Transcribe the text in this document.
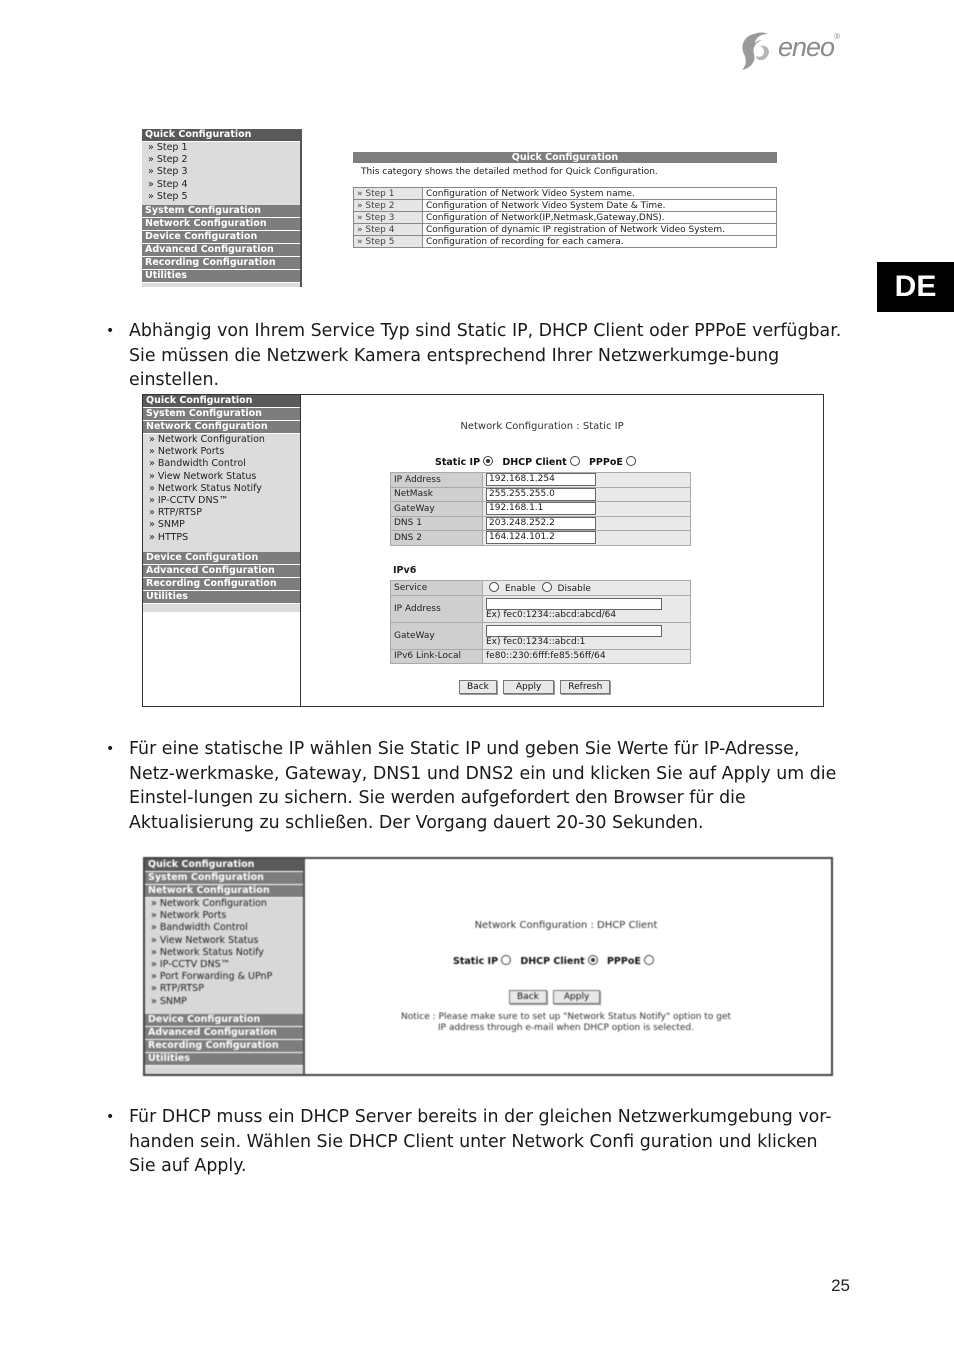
eneo®
DE
Quick Configuration
» Step 1
» Step 2
» Step 3
» Step 4
» Step 5
System Configuration
Network Configuration
Device Configuration
Advanced Configuration
Recording Configuration
Utilities
Quick Configuration
This category shows the detailed method for Quick Configuration.
» Step 1	Configuration of Network Video System name.
» Step 2	Configuration of Network Video System Date & Time.
» Step 3	Configuration of Network(IP,Netmask,Gateway,DNS).
» Step 4	Configuration of dynamic IP registration of Network Video System.
» Step 5	Configuration of recording for each camera.
• Abhängig von Ihrem Service Typ sind Static IP, DHCP Client oder PPPoE verfügbar. Sie müssen die Netzwerk Kamera entsprechend Ihrer Netzwerkumge-bung einstellen.
Quick Configuration
System Configuration
Network Configuration
» Network Configuration
» Network Ports
» Bandwidth Control
» View Network Status
» Network Status Notify
» IP-CCTV DNS™
» RTP/RTSP
» SNMP
» HTTPS
Device Configuration
Advanced Configuration
Recording Configuration
Utilities
Network Configuration : Static IP
Static IP DHCP Client PPPoE
IP Address	192.168.1.254

NetMask	255.255.255.0

GateWay	192.168.1.1

DNS 1	203.248.252.2

DNS 2	164.124.101.2
IPv6
Service	Enable Disable
IP Address	Ex) fec0:1234::abcd:abcd/64

GateWay	Ex) fec0:1234::abcd:1

IPv6 Link-Local	fe80::230:6fff:fe85:56ff/64
Back	Apply	Refresh
• Für eine statische IP wählen Sie Static IP und geben Sie Werte für IP-Adresse, Netz-werkmaske, Gateway, DNS1 und DNS2 ein und klicken Sie auf Apply um die Einstel-lungen zu sichern. Sie werden aufgefordert den Browser für die Aktualisierung zu schließen. Der Vorgang dauert 20-30 Sekunden.
Quick Configuration
System Configuration
Network Configuration
» Network Configuration
» Network Ports
» Bandwidth Control
» View Network Status
» Network Status Notify
» IP-CCTV DNS™
» Port Forwarding & UPnP
» RTP/RTSP
» SNMP
Device Configuration
Advanced Configuration
Recording Configuration
Utilities
Network Configuration : DHCP Client
Static IP DHCP Client PPPoE
Back	Apply
Notice : Please make sure to set up "Network Status Notify" option to get
IP address through e-mail when DHCP option is selected.
• Für DHCP muss ein DHCP Server bereits in der gleichen Netzwerkumgebung vor-handen sein. Wählen Sie DHCP Client unter Network Confi guration und klicken Sie auf Apply.
25
